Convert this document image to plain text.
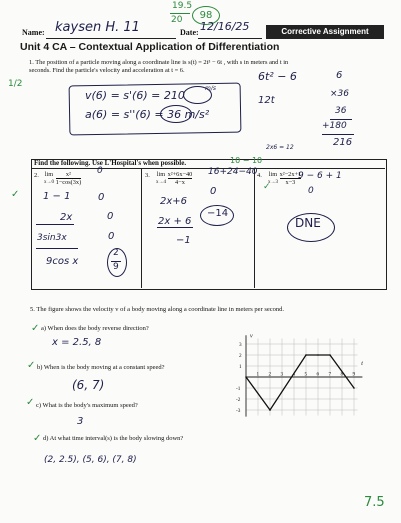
19.5
20	98
Name: kaysen H. 11	Date: 12/16/25	Corrective Assignment
Unit 4 CA – Contextual Application of Differentiation
1. The position of a particle moving along a coordinate line is s(t) = 2t³ − 6t , with s in meters and t in seconds. Find the particle's velocity and acceleration at t = 6.
1/2
v(6) = s'(6) = 210
m/s
a(6) = s''(6) = 36 m/s²
6t² − 6
12t
6
×36
36
+180
216
2x6 = 12
Find the following. Use L'Hospital's when possible.	10 − 10
✓
2. lim
$x\to 0 \frac{\text{x²}}{1-\cos(3x)} 0$
1 − 1	0
2x	0
3sin3x	0
9cos x
2
9
3. lim
$x\to 4 \frac{\text{x²+6x−40}}{4-x} 16+24-40$
0
2x+6
2x + 6
−1
−14
4.
✓
lim
$x\to 3 \frac{\text{x²−2x+1}}{x-3}$
9 − 6 + 1
0
DNE
5. The figure shows the velocity v of a body moving along a coordinate line in meters per second.
✓ a) When does the body reverse direction?
x = 2.5, 8
✓ b) When is the body moving at a constant speed?
(6, 7)
✓ c) What is the body's maximum speed?
3
✓ d) At what time interval(s) is the body slowing down?
(2, 2.5), (5, 6), (7, 8)
v
t
1 2 3 4 5 6 7 8 9
3
2
1
-1
-2
-3
7.5
